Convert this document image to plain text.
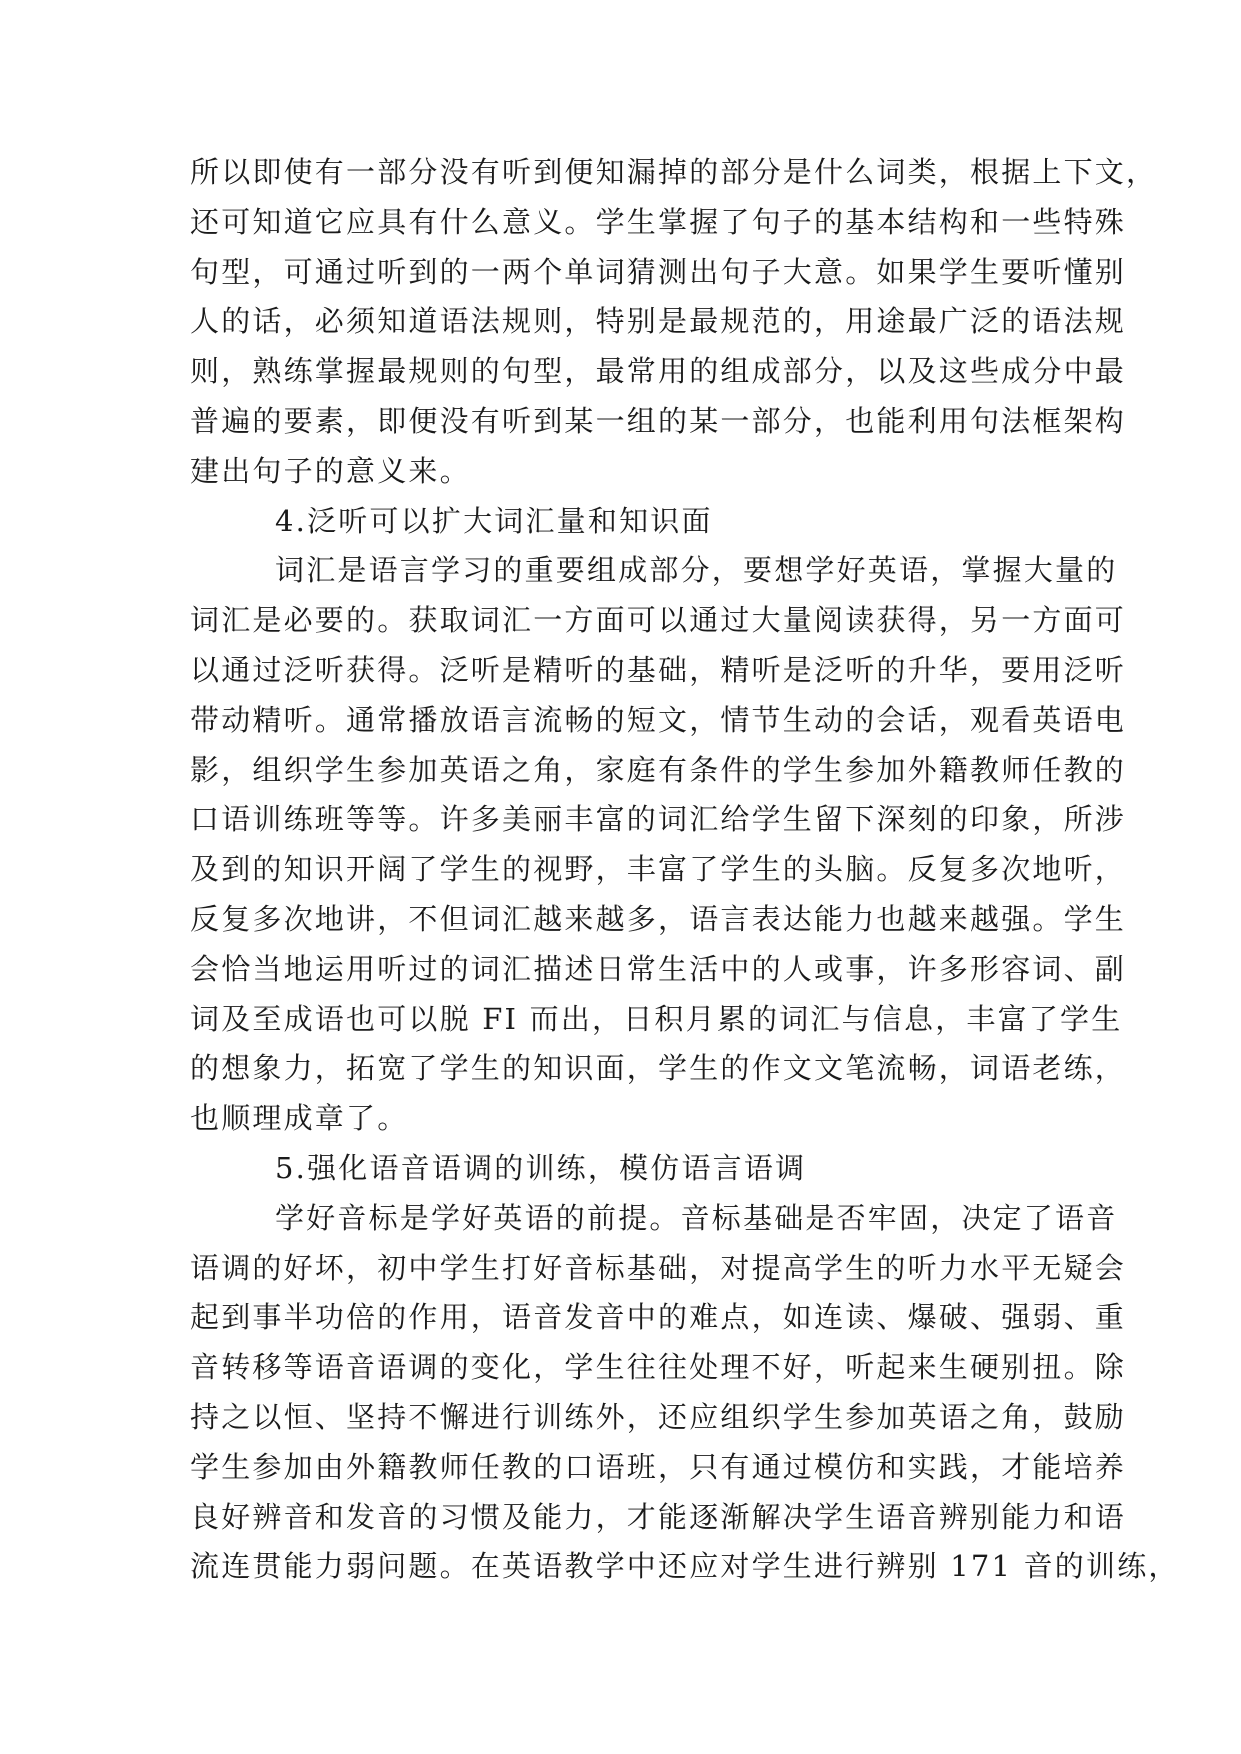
所以即使有一部分没有听到便知漏掉的部分是什么词类，根据上下文，
还可知道它应具有什么意义。学生掌握了句子的基本结构和一些特殊
句型，可通过听到的一两个单词猜测出句子大意。如果学生要听懂别
人的话，必须知道语法规则，特别是最规范的，用途最广泛的语法规
则，熟练掌握最规则的句型，最常用的组成部分，以及这些成分中最
普遍的要素，即便没有听到某一组的某一部分，也能利用句法框架构
建出句子的意义来。
4.泛听可以扩大词汇量和知识面
词汇是语言学习的重要组成部分，要想学好英语，掌握大量的
词汇是必要的。获取词汇一方面可以通过大量阅读获得，另一方面可
以通过泛听获得。泛听是精听的基础，精听是泛听的升华，要用泛听
带动精听。通常播放语言流畅的短文，情节生动的会话，观看英语电
影，组织学生参加英语之角，家庭有条件的学生参加外籍教师任教的
口语训练班等等。许多美丽丰富的词汇给学生留下深刻的印象，所涉
及到的知识开阔了学生的视野，丰富了学生的头脑。反复多次地听，
反复多次地讲，不但词汇越来越多，语言表达能力也越来越强。学生
会恰当地运用听过的词汇描述日常生活中的人或事，许多形容词、副
词及至成语也可以脱 FI 而出，日积月累的词汇与信息，丰富了学生
的想象力，拓宽了学生的知识面，学生的作文文笔流畅，词语老练，
也顺理成章了。
5.强化语音语调的训练，模仿语言语调
学好音标是学好英语的前提。音标基础是否牢固，决定了语音
语调的好坏，初中学生打好音标基础，对提高学生的听力水平无疑会
起到事半功倍的作用，语音发音中的难点，如连读、爆破、强弱、重
音转移等语音语调的变化，学生往往处理不好，听起来生硬别扭。除
持之以恒、坚持不懈进行训练外，还应组织学生参加英语之角，鼓励
学生参加由外籍教师任教的口语班，只有通过模仿和实践，才能培养
良好辨音和发音的习惯及能力，才能逐渐解决学生语音辨别能力和语
流连贯能力弱问题。在英语教学中还应对学生进行辨别 171 音的训练，
